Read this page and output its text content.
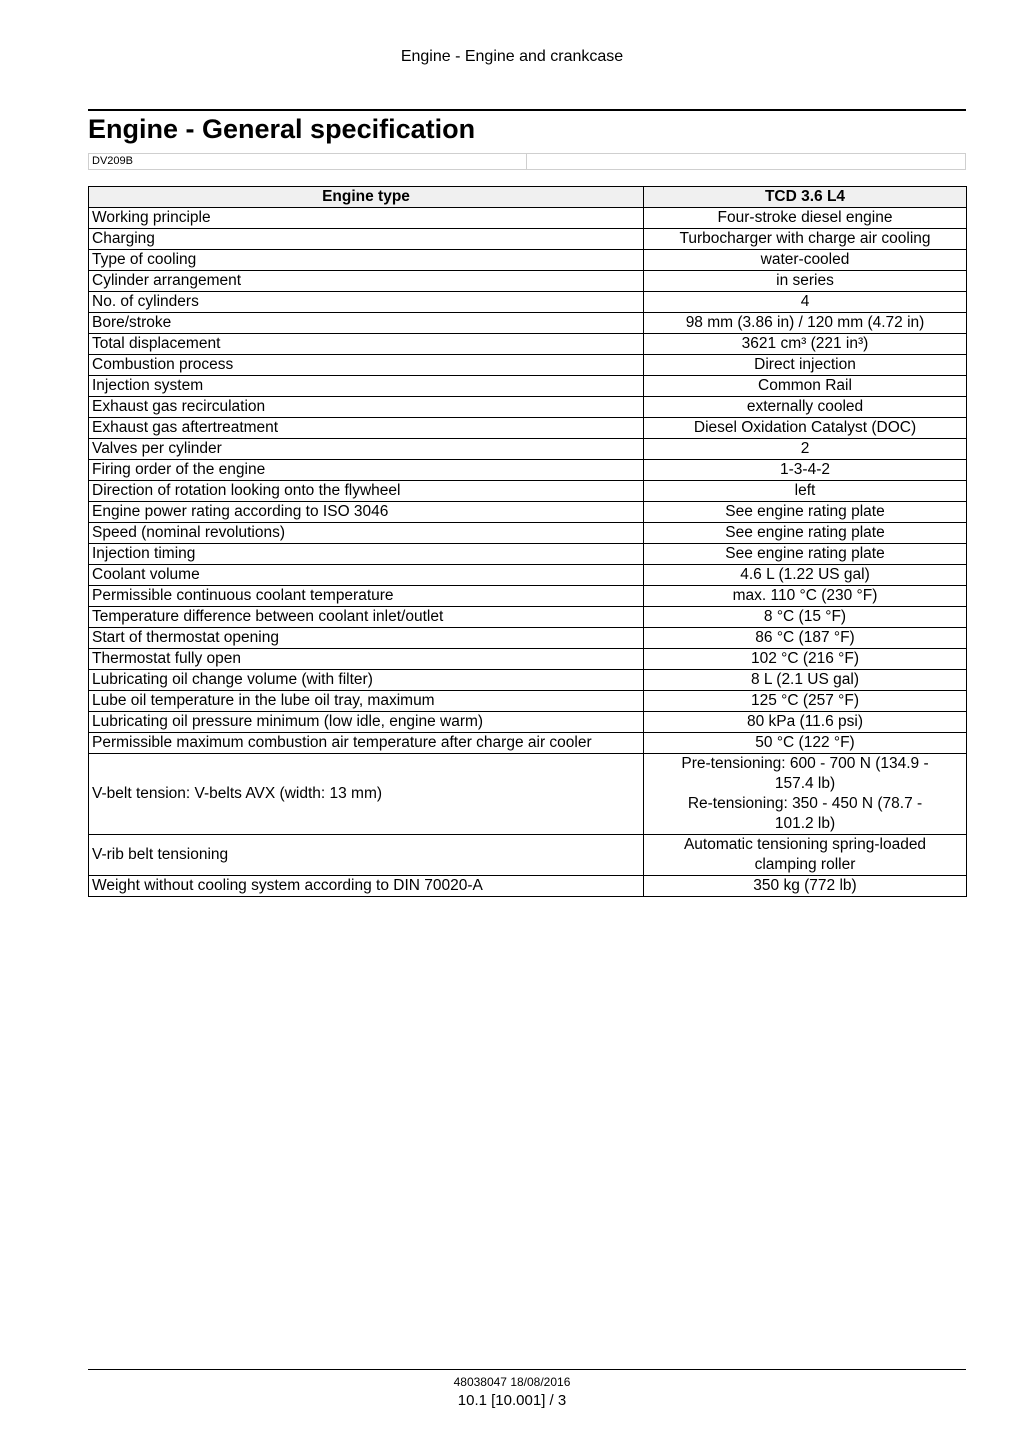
Engine - Engine and crankcase
Engine - General specification
DV209B
Engine type	TCD 3.6 L4
Working principle	Four-stroke diesel engine
Charging	Turbocharger with charge air cooling
Type of cooling	water-cooled
Cylinder arrangement	in series
No. of cylinders	4
Bore/stroke	98 mm (3.86 in) / 120 mm (4.72 in)
Total displacement	3621 cm³ (221 in³)
Combustion process	Direct injection
Injection system	Common Rail
Exhaust gas recirculation	externally cooled
Exhaust gas aftertreatment	Diesel Oxidation Catalyst (DOC)
Valves per cylinder	2
Firing order of the engine	1-3-4-2
Direction of rotation looking onto the flywheel	left
Engine power rating according to ISO 3046	See engine rating plate
Speed (nominal revolutions)	See engine rating plate
Injection timing	See engine rating plate
Coolant volume	4.6 L (1.22 US gal)
Permissible continuous coolant temperature	max. 110 °C (230 °F)
Temperature difference between coolant inlet/outlet	8 °C (15 °F)
Start of thermostat opening	86 °C (187 °F)
Thermostat fully open	102 °C (216 °F)
Lubricating oil change volume (with filter)	8 L (2.1 US gal)
Lube oil temperature in the lube oil tray, maximum	125 °C (257 °F)
Lubricating oil pressure minimum (low idle, engine warm)	80 kPa (11.6 psi)
Permissible maximum combustion air temperature after charge air cooler	50 °C (122 °F)
V-belt tension: V-belts AVX (width: 13 mm)	Pre-tensioning: 600 - 700 N (134.9 -
157.4 lb)
Re-tensioning: 350 - 450 N (78.7 -
101.2 lb)

V-rib belt tensioning	Automatic tensioning spring-loaded
clamping roller

Weight without cooling system according to DIN 70020-A	350 kg (772 lb)
48038047 18/08/2016
10.1 [10.001] / 3
